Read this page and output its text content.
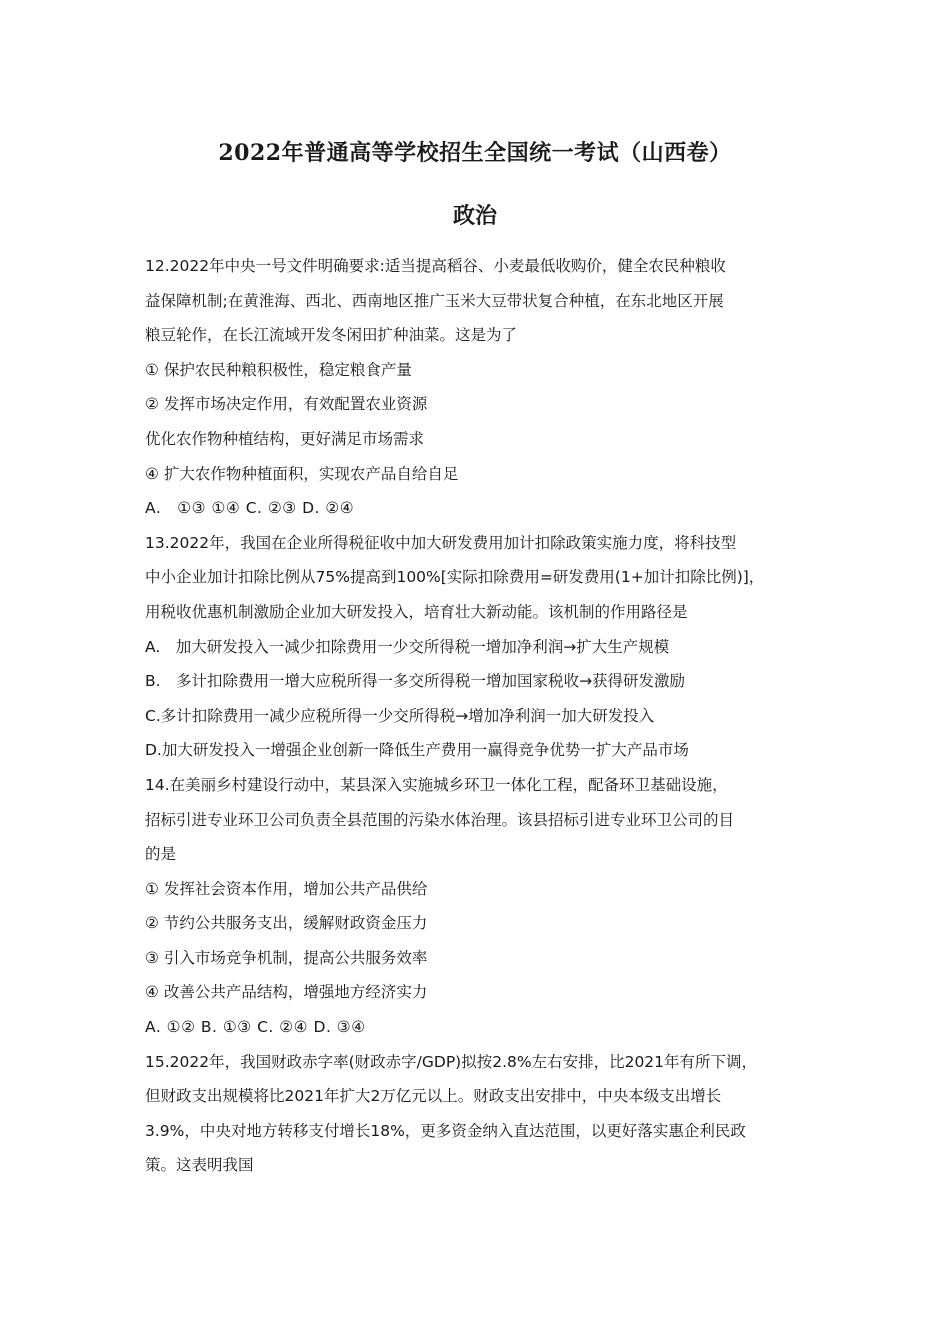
2022年普通高等学校招生全国统一考试（山西卷）
政治
12.2022年中央一号文件明确要求:适当提高稻谷、小麦最低收购价，健全农民种粮收
益保障机制;在黄淮海、西北、西南地区推广玉米大豆带状复合种植，在东北地区开展
粮豆轮作，在长江流域开发冬闲田扩种油菜。这是为了
① 保护农民种粮积极性，稳定粮食产量
② 发挥市场决定作用，有效配置农业资源
优化农作物种植结构，更好满足市场需求
④ 扩大农作物种植面积，实现农产品自给自足
A.　①③ ①④ C. ②③ D. ②④
13.2022年，我国在企业所得税征收中加大研发费用加计扣除政策实施力度，将科技型
中小企业加计扣除比例从75%提高到100%[实际扣除费用=研发费用(1+加计扣除比例)]，
用税收优惠机制激励企业加大研发投入，培育壮大新动能。该机制的作用路径是
A.　加大研发投入一减少扣除费用一少交所得税一增加净利润→扩大生产规模
B.　多计扣除费用一增大应税所得一多交所得税一增加国家税收→获得研发激励
C.多计扣除费用一减少应税所得一少交所得税→增加净利润一加大研发投入
D.加大研发投入一增强企业创新一降低生产费用一赢得竞争优势一扩大产品市场
14.在美丽乡村建设行动中，某县深入实施城乡环卫一体化工程，配备环卫基础设施，
招标引进专业环卫公司负责全县范围的污染水体治理。该县招标引进专业环卫公司的目
的是
① 发挥社会资本作用，增加公共产品供给
② 节约公共服务支出，缓解财政资金压力
③ 引入市场竞争机制，提高公共服务效率
④ 改善公共产品结构，增强地方经济实力
A. ①② B. ①③ C. ②④ D. ③④
15.2022年，我国财政赤字率(财政赤字/GDP)拟按2.8%左右安排，比2021年有所下调，
但财政支出规模将比2021年扩大2万亿元以上。财政支出安排中，中央本级支出增长
3.9%，中央对地方转移支付增长18%，更多资金纳入直达范围，以更好落实惠企利民政
策。这表明我国
